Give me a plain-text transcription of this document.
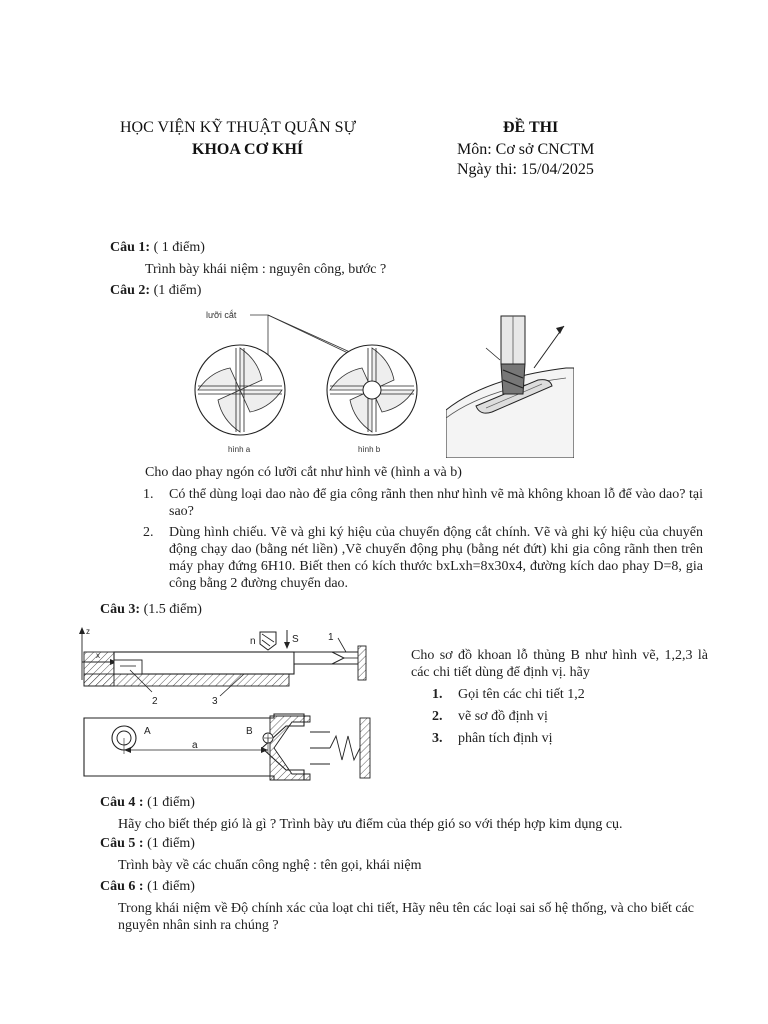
HỌC VIỆN KỸ THUẬT QUÂN SỰ
KHOA CƠ KHÍ
ĐỀ THI
Môn: Cơ sở CNCTM
Ngày thi: 15/04/2025
Câu 1: ( 1 điểm)
Trình bày khái niệm : nguyên công, bước ?
Câu 2: (1 điểm)
lưỡi cắt
hình a	hình b
Cho dao phay ngón có lưỡi cắt như hình vẽ (hình a và b)
1. Có thể dùng loại dao nào để gia công rãnh then như hình vẽ mà không khoan lỗ để vào dao? tại sao?
2. Dùng hình chiếu. Vẽ và ghi ký hiệu của chuyển động cắt chính. Vẽ và ghi ký hiệu của chuyển động chạy dao (bằng nét liền) ,Vẽ chuyển động phụ (bằng nét đứt) khi gia công rãnh then trên máy phay đứng 6H10. Biết then có kích thước bxLxh=8x30x4, đường kích dao phay D=8, gia công bằng 2 đường chuyển dao.
Câu 3: (1.5 điểm)
z
n	S	1
2	3
A	B
a
Cho sơ đồ khoan lỗ thủng B như hình vẽ, 1,2,3 là các chi tiết dùng để định vị. hãy
1. Gọi tên các chi tiết 1,2
2. vẽ sơ đồ định vị
3. phân tích định vị
Câu 4 : (1 điểm)
Hãy cho biết thép gió là gì ? Trình bày ưu điểm của thép gió so với thép hợp kim dụng cụ.
Câu 5 : (1 điểm)
Trình bày về các chuẩn công nghệ : tên gọi, khái niệm
Câu 6 : (1 điểm)
Trong khái niệm về Độ chính xác của loạt chi tiết, Hãy nêu tên các loại sai số hệ thống, và cho biết các nguyên nhân sinh ra chúng ?
